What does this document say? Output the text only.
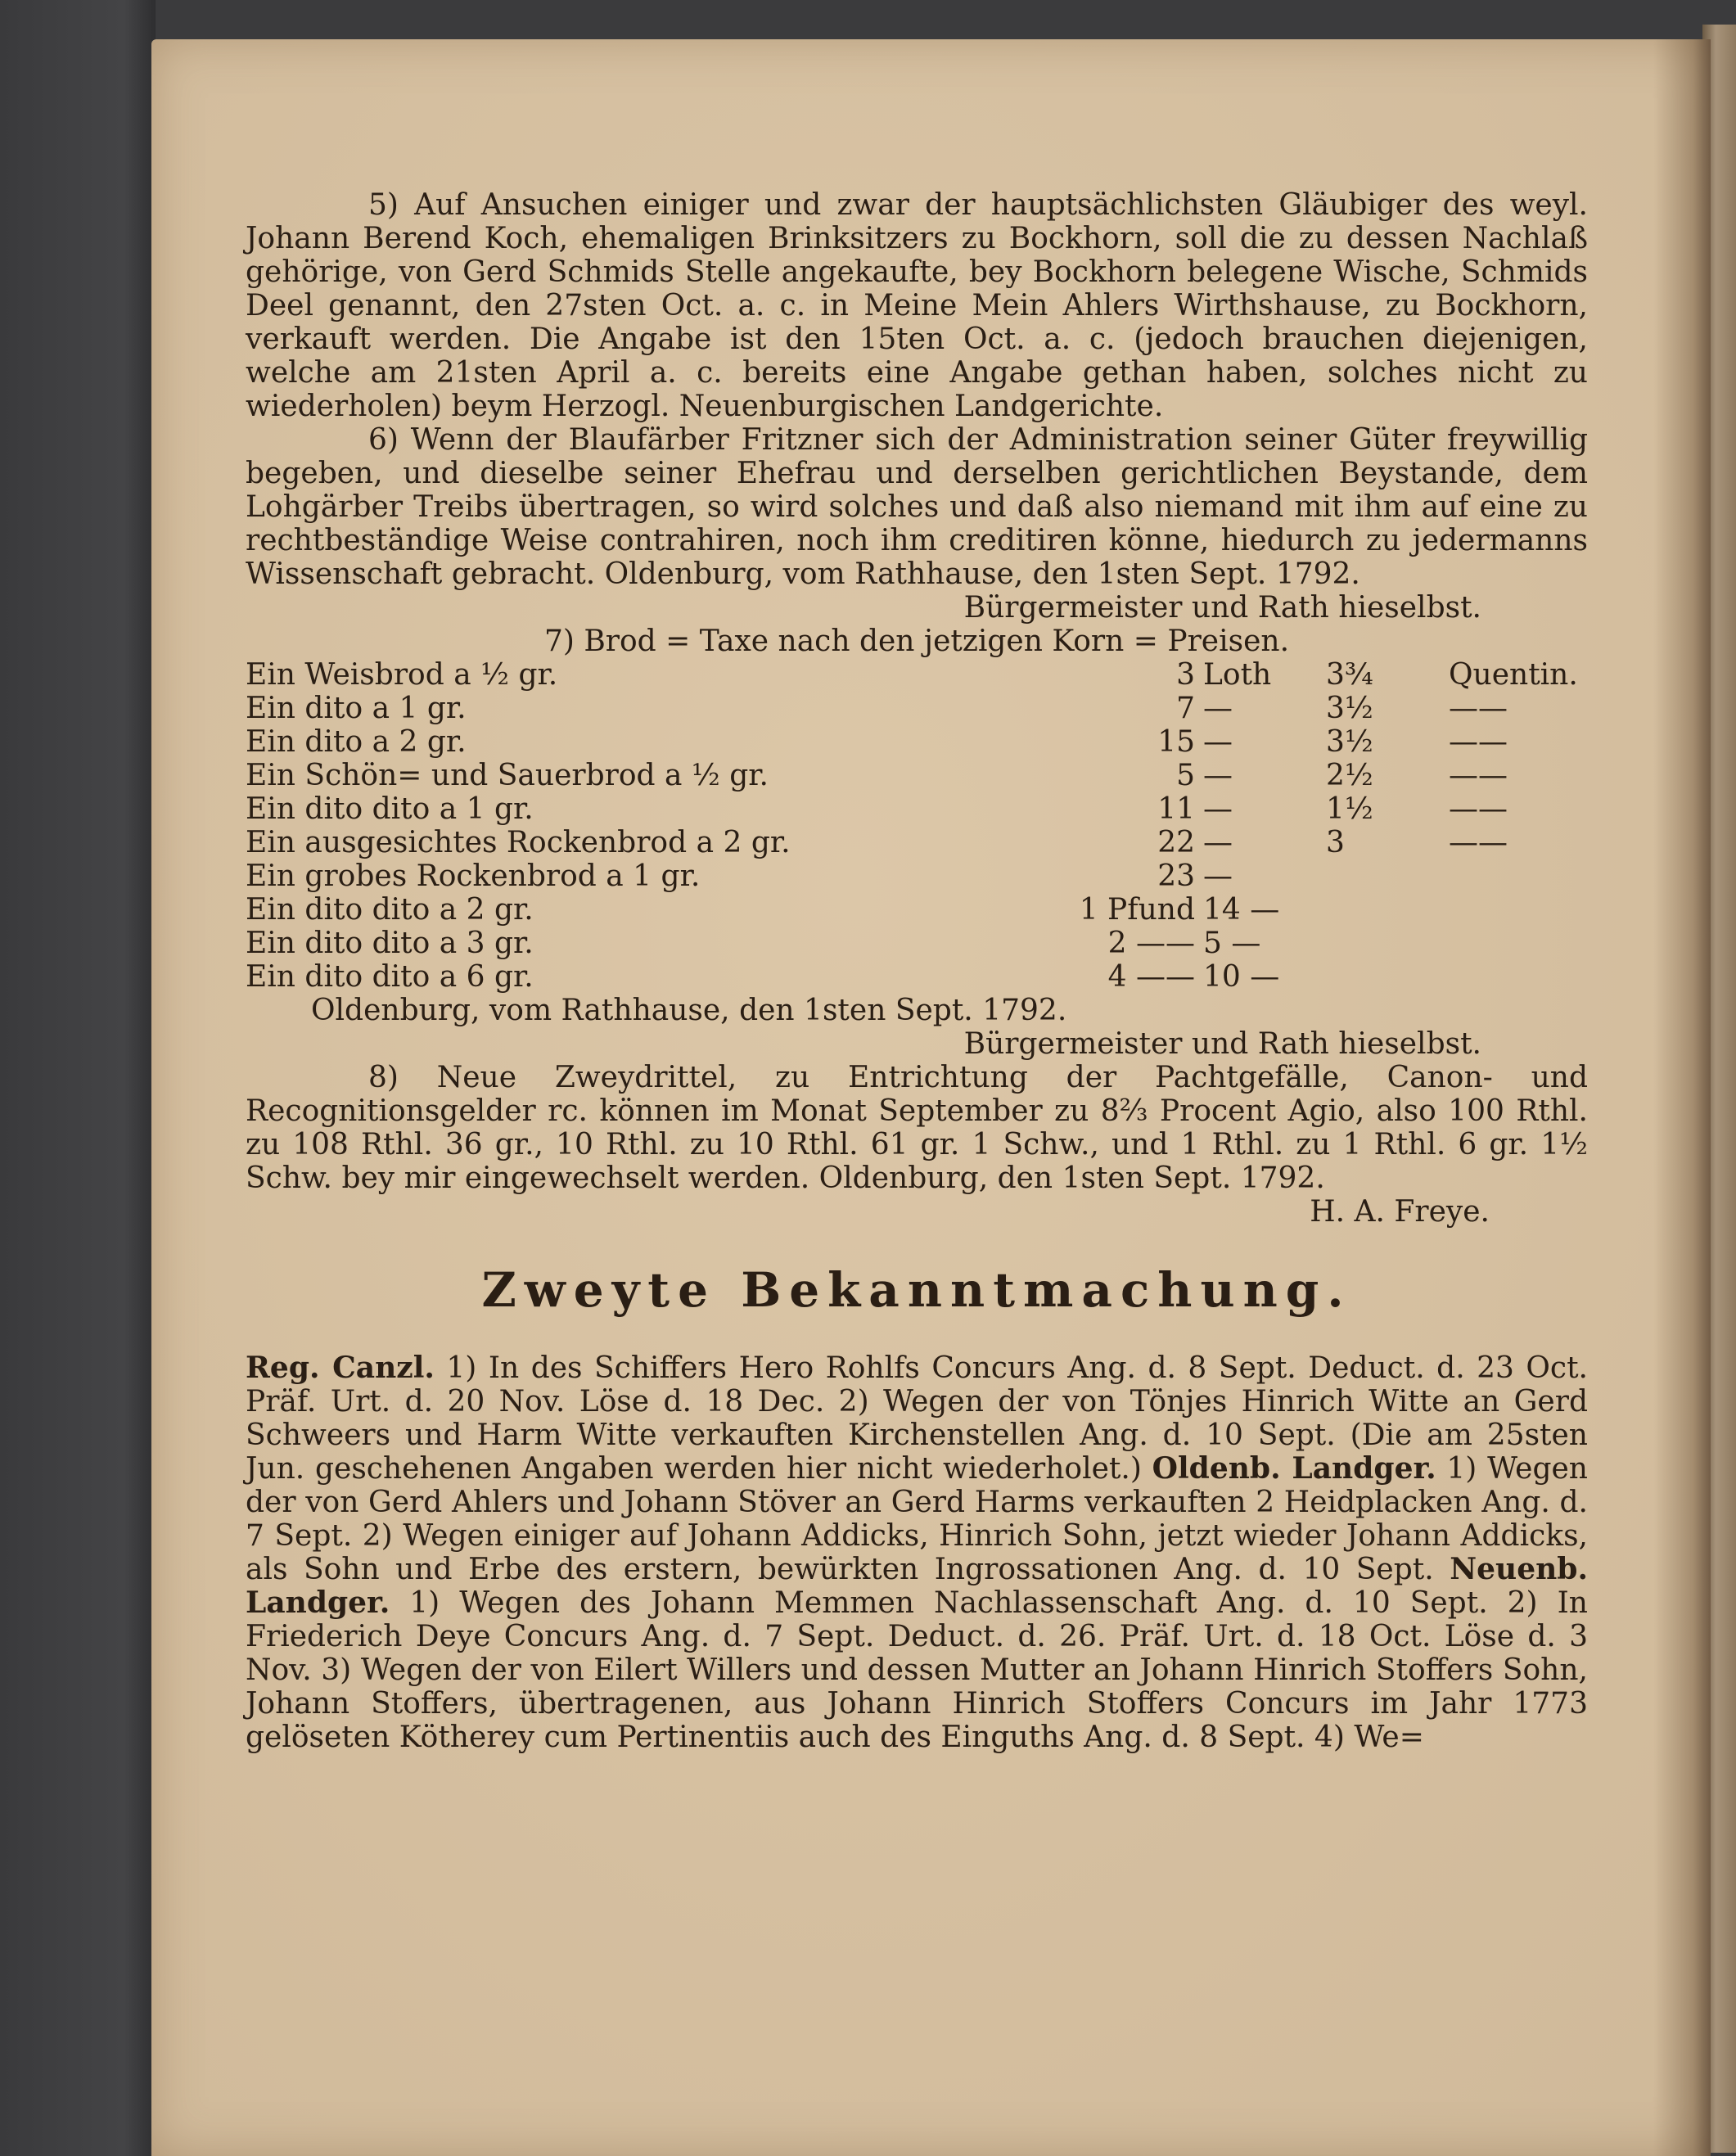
5) Auf Ansuchen einiger und zwar der hauptsächlichsten Gläubiger des weyl. Johann Berend Koch, ehemaligen Brinksitzers zu Bockhorn, soll die zu dessen Nachlaß gehörige, von Gerd Schmids Stelle angekaufte, bey Bockhorn belegene Wische, Schmids Deel genannt, den 27sten Oct. a. c. in Meine Mein Ahlers Wirthshause, zu Bockhorn, verkauft werden. Die Angabe ist den 15ten Oct. a. c. (jedoch brauchen diejenigen, welche am 21sten April a. c. bereits eine Angabe gethan haben, solches nicht zu wiederholen) beym Herzogl. Neuenburgischen Landgerichte.

6) Wenn der Blaufärber Fritzner sich der Administration seiner Güter freywillig begeben, und dieselbe seiner Ehefrau und derselben gerichtlichen Beystande, dem Lohgärber Treibs übertragen, so wird solches und daß also niemand mit ihm auf eine zu rechtbeständige Weise contrahiren, noch ihm creditiren könne, hiedurch zu jedermanns Wissenschaft gebracht. Oldenburg, vom Rathhause, den 1sten Sept. 1792.

Bürgermeister und Rath hieselbst.

7) Brod = Taxe nach den jetzigen Korn = Preisen.

Ein Weisbrod a ½ gr.	3	Loth	3¾	Quentin.
Ein dito a 1 gr.	7	—	3½	——
Ein dito a 2 gr.	15	—	3½	——
Ein Schön= und Sauerbrod a ½ gr.	5	—	2½	——
Ein dito dito a 1 gr.	11	—	1½	——
Ein ausgesichtes Rockenbrod a 2 gr.	22	—	3	——
Ein grobes Rockenbrod a 1 gr.	23	—		
Ein dito dito a 2 gr.	1 Pfund	14 —		
Ein dito dito a 3 gr.	2 ——	5 —		
Ein dito dito a 6 gr.	4 ——	10 —		

Oldenburg, vom Rathhause, den 1sten Sept. 1792.

Bürgermeister und Rath hieselbst.

8) Neue Zweydrittel, zu Entrichtung der Pachtgefälle, Canon- und Recognitionsgelder rc. können im Monat September zu 8⅔ Procent Agio, also 100 Rthl. zu 108 Rthl. 36 gr., 10 Rthl. zu 10 Rthl. 61 gr. 1 Schw., und 1 Rthl. zu 1 Rthl. 6 gr. 1½ Schw. bey mir eingewechselt werden. Oldenburg, den 1sten Sept. 1792.

H. A. Freye.

Zweyte Bekanntmachung.

Reg. Canzl. 1) In des Schiffers Hero Rohlfs Concurs Ang. d. 8 Sept. Deduct. d. 23 Oct. Präf. Urt. d. 20 Nov. Löse d. 18 Dec. 2) Wegen der von Tönjes Hinrich Witte an Gerd Schweers und Harm Witte verkauften Kirchenstellen Ang. d. 10 Sept. (Die am 25sten Jun. geschehenen Angaben werden hier nicht wiederholet.) Oldenb. Landger. 1) Wegen der von Gerd Ahlers und Johann Stöver an Gerd Harms verkauften 2 Heidplacken Ang. d. 7 Sept. 2) Wegen einiger auf Johann Addicks, Hinrich Sohn, jetzt wieder Johann Addicks, als Sohn und Erbe des erstern, bewürkten Ingrossationen Ang. d. 10 Sept. Neuenb. Landger. 1) Wegen des Johann Memmen Nachlassenschaft Ang. d. 10 Sept. 2) In Friederich Deye Concurs Ang. d. 7 Sept. Deduct. d. 26. Präf. Urt. d. 18 Oct. Löse d. 3 Nov. 3) Wegen der von Eilert Willers und dessen Mutter an Johann Hinrich Stoffers Sohn, Johann Stoffers, übertragenen, aus Johann Hinrich Stoffers Concurs im Jahr 1773 gelöseten Kötherey cum Pertinentiis auch des Einguths Ang. d. 8 Sept. 4) We=
